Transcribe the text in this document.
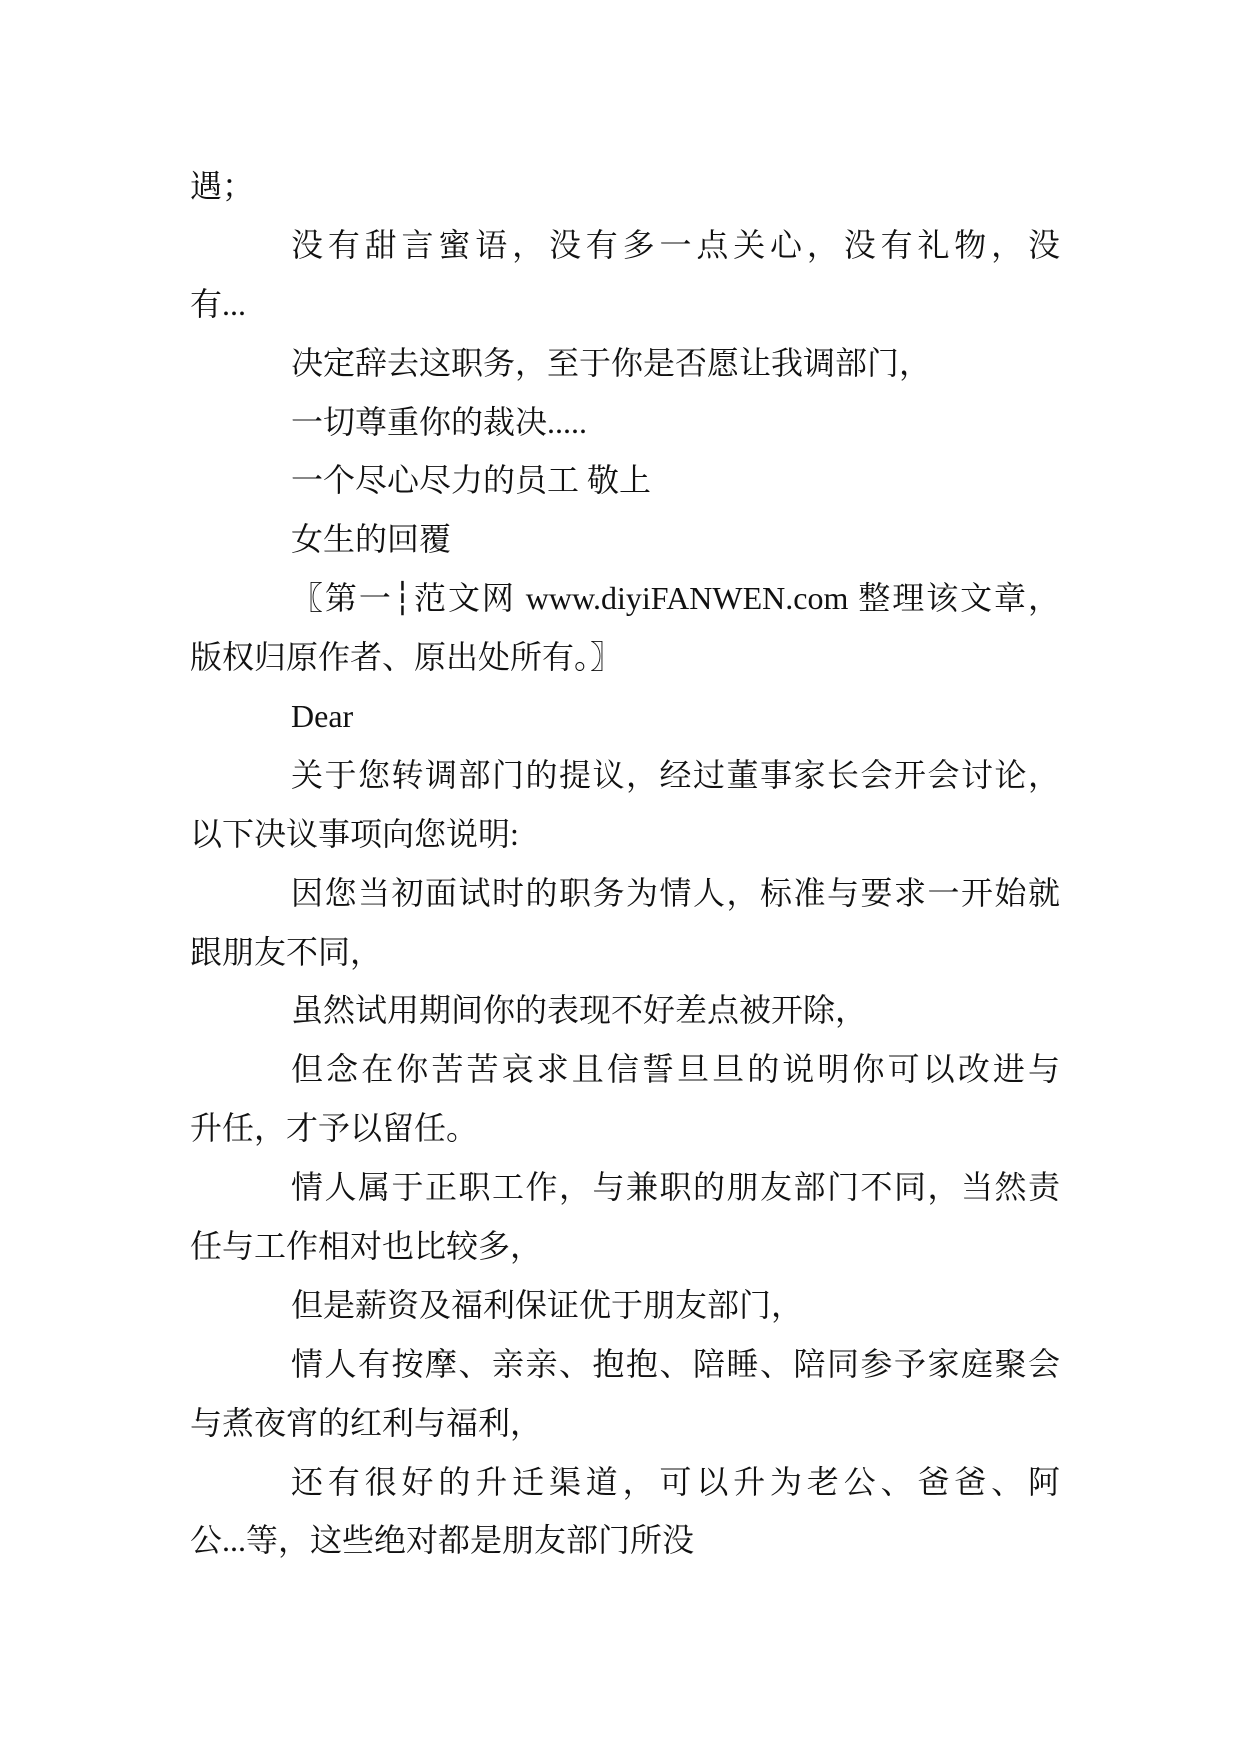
遇；
没有甜言蜜语，没有多一点关心，没有礼物，没
有...
决定辞去这职务，至于你是否愿让我调部门，
一切尊重你的裁决.....
一个尽心尽力的员工 敬上
女生的回覆
〖第一┆范文网 www.diyiFANWEN.com 整理该文章，
版权归原作者、原出处所有。〗
Dear
关于您转调部门的提议，经过董事家长会开会讨论，
以下决议事项向您说明:
因您当初面试时的职务为情人，标准与要求一开始就
跟朋友不同，
虽然试用期间你的表现不好差点被开除，
但念在你苦苦哀求且信誓旦旦的说明你可以改进与
升任，才予以留任。
情人属于正职工作，与兼职的朋友部门不同，当然责
任与工作相对也比较多，
但是薪资及福利保证优于朋友部门，
情人有按摩、亲亲、抱抱、陪睡、陪同参予家庭聚会
与煮夜宵的红利与福利，
还有很好的升迁渠道，可以升为老公、爸爸、阿
公...等，这些绝对都是朋友部门所没
